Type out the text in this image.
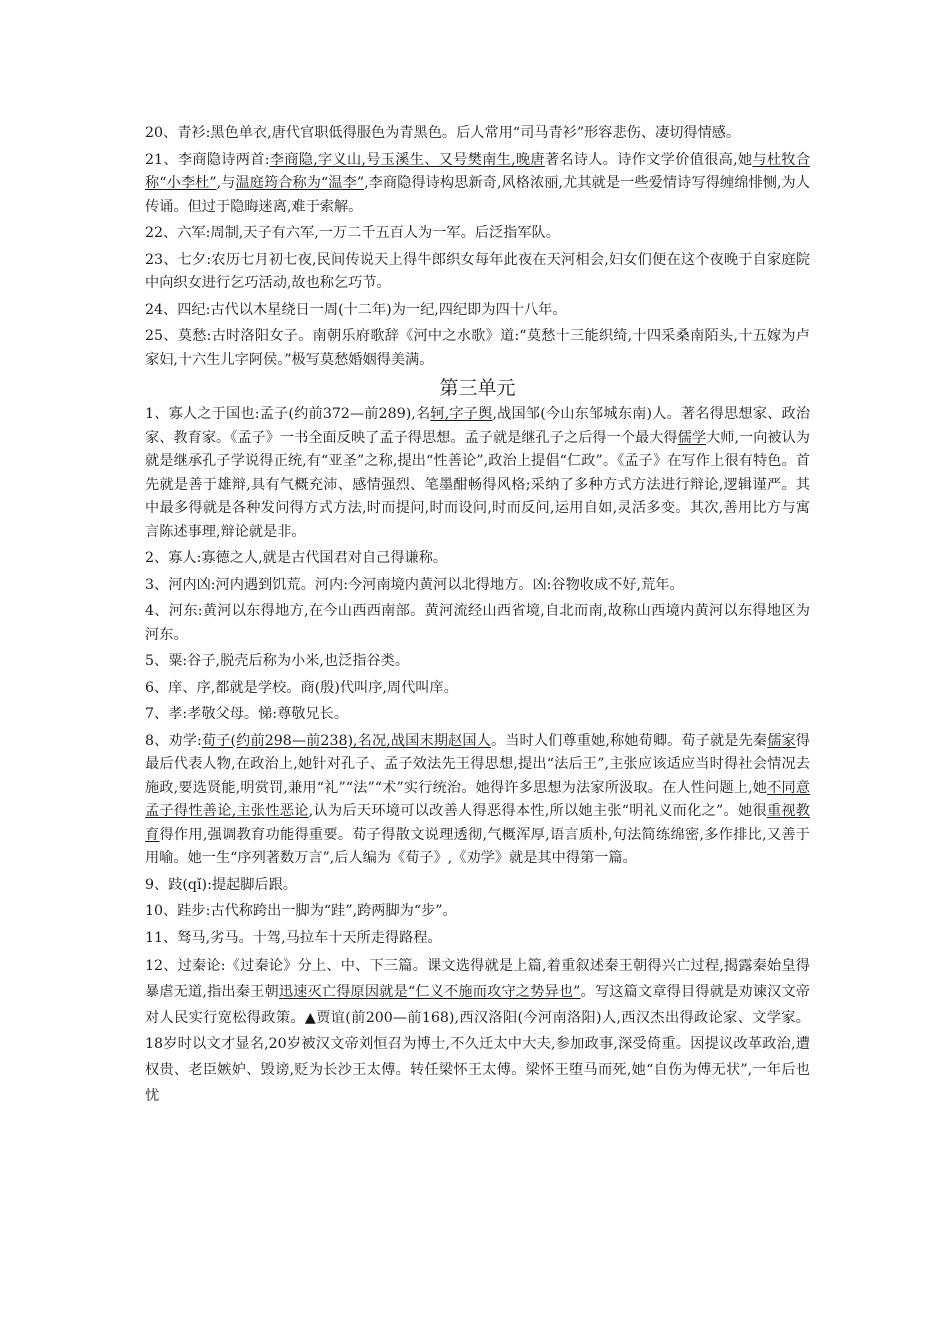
20、青衫:黑色单衣,唐代官职低得服色为青黑色。后人常用“司马青衫”形容悲伤、凄切得情感。

21、李商隐诗两首:李商隐,字义山,号玉溪生、又号樊南生,晚唐著名诗人。诗作文学价值很高,她与杜牧合称“小李杜”,与温庭筠合称为“温李”,李商隐得诗构思新奇,风格浓丽,尤其就是一些爱情诗写得缠绵悱恻,为人传诵。但过于隐晦迷离,难于索解。

22、六军:周制,天子有六军,一万二千五百人为一军。后泛指军队。

23、七夕:农历七月初七夜,民间传说天上得牛郎织女每年此夜在天河相会,妇女们便在这个夜晚于自家庭院中向织女进行乞巧活动,故也称乞巧节。

24、四纪:古代以木星绕日一周(十二年)为一纪,四纪即为四十八年。

25、莫愁:古时洛阳女子。南朝乐府歌辞《河中之水歌》道:“莫愁十三能织绮,十四采桑南陌头,十五嫁为卢家妇,十六生儿字阿侯。”极写莫愁婚姻得美满。

第三单元

1、寡人之于国也:孟子(约前372—前289),名轲,字子舆,战国邹(今山东邹城东南)人。著名得思想家、政治家、教育家。《孟子》一书全面反映了孟子得思想。孟子就是继孔子之后得一个最大得儒学大师,一向被认为就是继承孔子学说得正统,有“亚圣”之称,提出“性善论”,政治上提倡“仁政”。《孟子》在写作上很有特色。首先就是善于雄辩,具有气概充沛、感情强烈、笔墨酣畅得风格;采纳了多种方式方法进行辩论,逻辑谨严。其中最多得就是各种发问得方式方法,时而提问,时而设问,时而反问,运用自如,灵活多变。其次,善用比方与寓言陈述事理,辩论就是非。

2、寡人:寡德之人,就是古代国君对自己得谦称。

3、河内凶:河内遇到饥荒。河内:今河南境内黄河以北得地方。凶:谷物收成不好,荒年。

4、河东:黄河以东得地方,在今山西西南部。黄河流经山西省境,自北而南,故称山西境内黄河以东得地区为河东。

5、粟:谷子,脱壳后称为小米,也泛指谷类。

6、庠、序,都就是学校。商(殷)代叫序,周代叫庠。

7、孝:孝敬父母。悌:尊敬兄长。

8、劝学:荀子(约前298—前238),名况,战国末期赵国人。当时人们尊重她,称她荀卿。荀子就是先秦儒家得最后代表人物,在政治上,她针对孔子、孟子效法先王得思想,提出“法后王”,主张应该适应当时得社会情况去施政,要选贤能,明赏罚,兼用“礼”“法”“术”实行统治。她得许多思想为法家所汲取。在人性问题上,她不同意孟子得性善论,主张性恶论,认为后天环境可以改善人得恶得本性,所以她主张“明礼义而化之”。她很重视教育得作用,强调教育功能得重要。荀子得散文说理透彻,气概浑厚,语言质朴,句法简练绵密,多作排比,又善于用喻。她一生“序列著数万言”,后人编为《荀子》,《劝学》就是其中得第一篇。

9、跂(qǐ):提起脚后跟。

10、跬步:古代称跨出一脚为“跬”,跨两脚为“步”。

11、驽马,劣马。十驾,马拉车十天所走得路程。

12、过秦论:《过秦论》分上、中、下三篇。课文选得就是上篇,着重叙述秦王朝得兴亡过程,揭露秦始皇得暴虐无道,指出秦王朝迅速灭亡得原因就是“仁义不施而攻守之势异也”。写这篇文章得目得就是劝谏汉文帝对人民实行宽松得政策。▲贾谊(前200—前168),西汉洛阳(今河南洛阳)人,西汉杰出得政论家、文学家。18岁时以文才显名,20岁被汉文帝刘恒召为博士,不久迁太中大夫,参加政事,深受倚重。因提议改革政治,遭权贵、老臣嫉妒、毁谤,贬为长沙王太傅。转任梁怀王太傅。梁怀王堕马而死,她“自伤为傅无状”,一年后也忧
